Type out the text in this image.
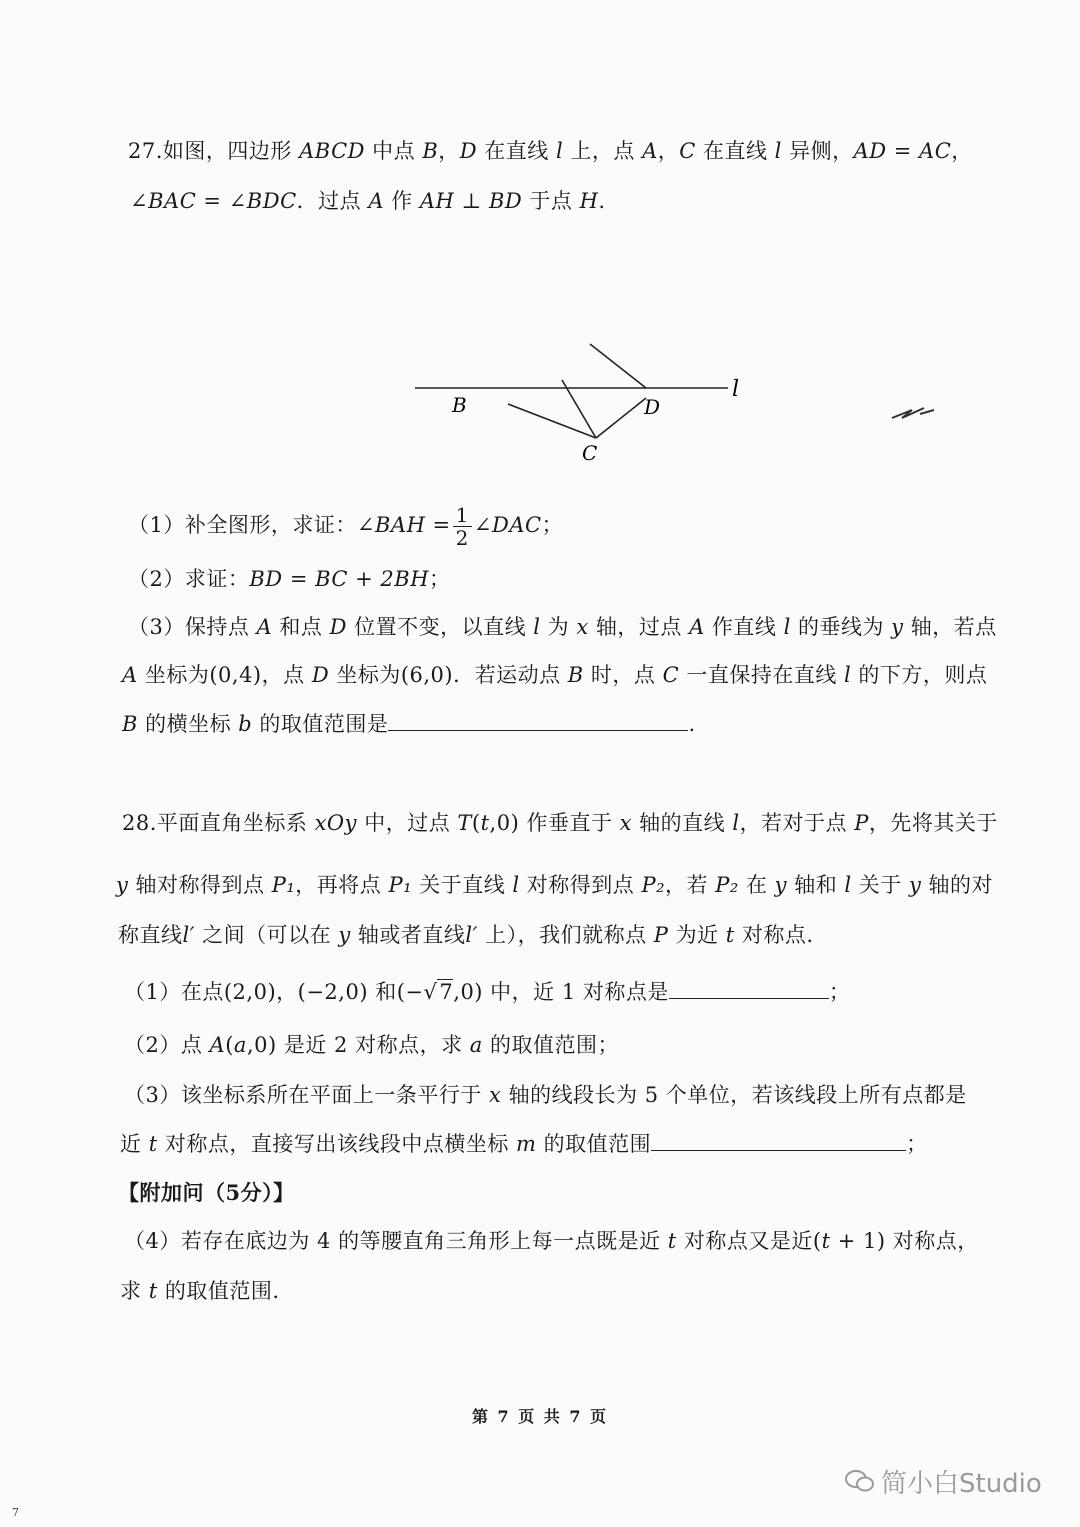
27.如图，四边形 ABCD 中点 B，D 在直线 l 上，点 A，C 在直线 l 异侧，AD = AC，
∠BAC = ∠BDC．过点 A 作 AH ⊥ BD 于点 H.
B	D
C
l
（1）补全图形，求证：∠BAH = $\frac{1}{2}$ ∠DAC；
（2）求证：BD = BC + 2BH；
（3）保持点 A 和点 D 位置不变，以直线 l 为 x 轴，过点 A 作直线 l 的垂线为 y 轴，若点
A 坐标为(0,4)，点 D 坐标为(6,0)．若运动点 B 时，点 C 一直保持在直线 l 的下方，则点
B 的横坐标 b 的取值范围是	.
28.平面直角坐标系 xOy 中，过点 T(t,0) 作垂直于 x 轴的直线 l，若对于点 P，先将其关于
y 轴对称得到点 P₁，再将点 P₁ 关于直线 l 对称得到点 P₂，若 P₂ 在 y 轴和 l 关于 y 轴的对
称直线l′ 之间（可以在 y 轴或者直线l′ 上），我们就称点 P 为近 t 对称点.
（1）在点(2,0)，(−2,0) 和(−√7,0) 中，近 1 对称点是	；
（2）点 A(a,0) 是近 2 对称点，求 a 的取值范围；
（3）该坐标系所在平面上一条平行于 x 轴的线段长为 5 个单位，若该线段上所有点都是
近 t 对称点，直接写出该线段中点横坐标 m 的取值范围	；
【附加问（5分）】
（4）若存在底边为 4 的等腰直角三角形上每一点既是近 t 对称点又是近(t + 1) 对称点，
求 t 的取值范围.
第 7 页 共 7 页
简小白Studio
7
